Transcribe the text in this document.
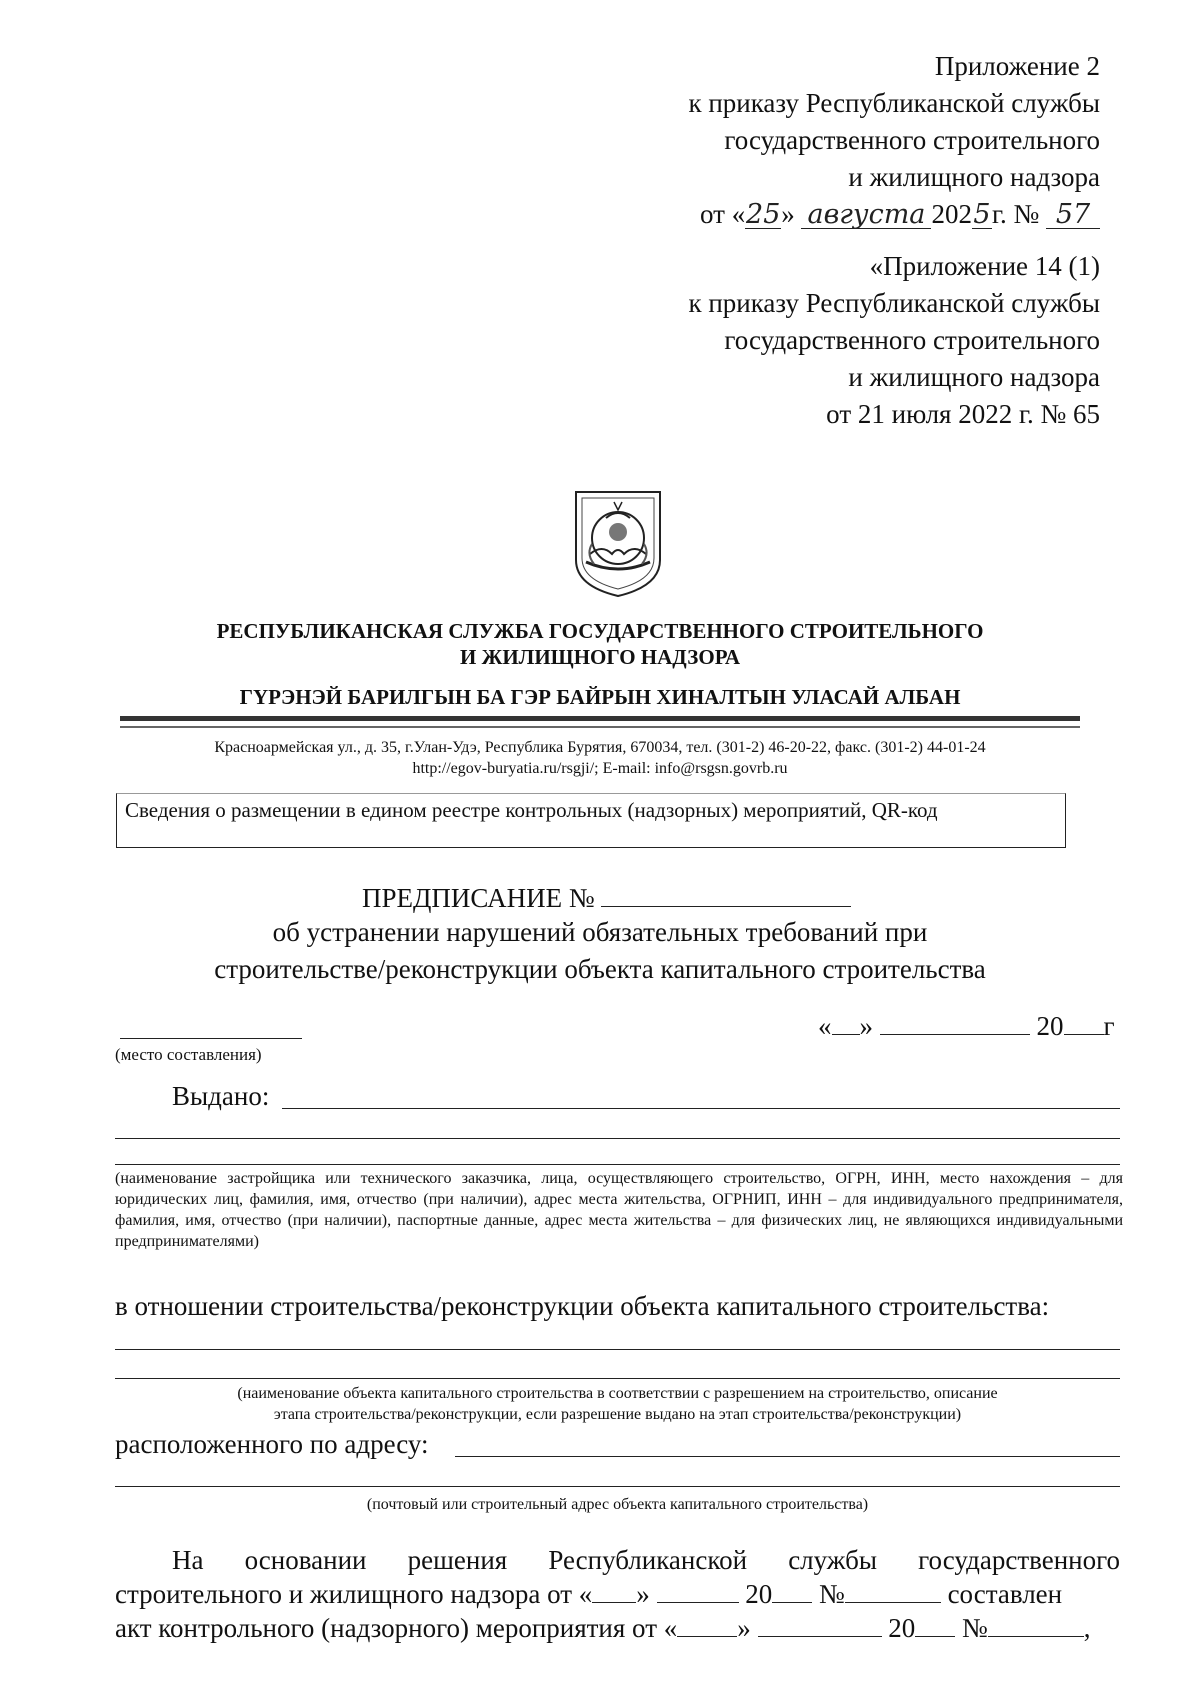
Приложение 2
к приказу Республиканской службы
государственного строительного
и жилищного надзора
от «25» августа 2025г. № 57
«Приложение 14 (1)
к приказу Республиканской службы
государственного строительного
и жилищного надзора
от 21 июля 2022 г. № 65
РЕСПУБЛИКАНСКАЯ СЛУЖБА ГОСУДАРСТВЕННОГО СТРОИТЕЛЬНОГО
И ЖИЛИЩНОГО НАДЗОРА
ГҮРЭНЭЙ БАРИЛГЫН БА ГЭР БАЙРЫН ХИНАЛТЫН УЛАСАЙ АЛБАН
Красноармейская ул., д. 35, г.Улан-Удэ, Республика Бурятия, 670034, тел. (301-2) 46-20-22, факс. (301-2) 44-01-24
http://egov-buryatia.ru/rsgji/; E-mail: info@rsgsn.govrb.ru
Сведения о размещении в едином реестре контрольных (надзорных) мероприятий, QR-код
ПРЕДПИСАНИЕ №
об устранении нарушений обязательных требований при
строительстве/реконструкции объекта капитального строительства
(место составления)
« »	20 г
Выдано:
(наименование застройщика или технического заказчика, лица, осуществляющего строительство, ОГРН, ИНН, место нахождения – для юридических лиц, фамилия, имя, отчество (при наличии), адрес места жительства, ОГРНИП, ИНН – для индивидуального предпринимателя, фамилия, имя, отчество (при наличии), паспортные данные, адрес места жительства – для физических лиц, не являющихся индивидуальными предпринимателями)
в отношении строительства/реконструкции объекта капитального строительства:
(наименование объекта капитального строительства в соответствии с разрешением на строительство, описание
этапа строительства/реконструкции, если разрешение выдано на этап строительства/реконструкции)
расположенного по адресу:
(почтовый или строительный адрес объекта капитального строительства)
На основании решения Республиканской службы государственного
строительного и жилищного надзора от « »	20 №	составлен
акт контрольного (надзорного) мероприятия от « »	20 №	,
